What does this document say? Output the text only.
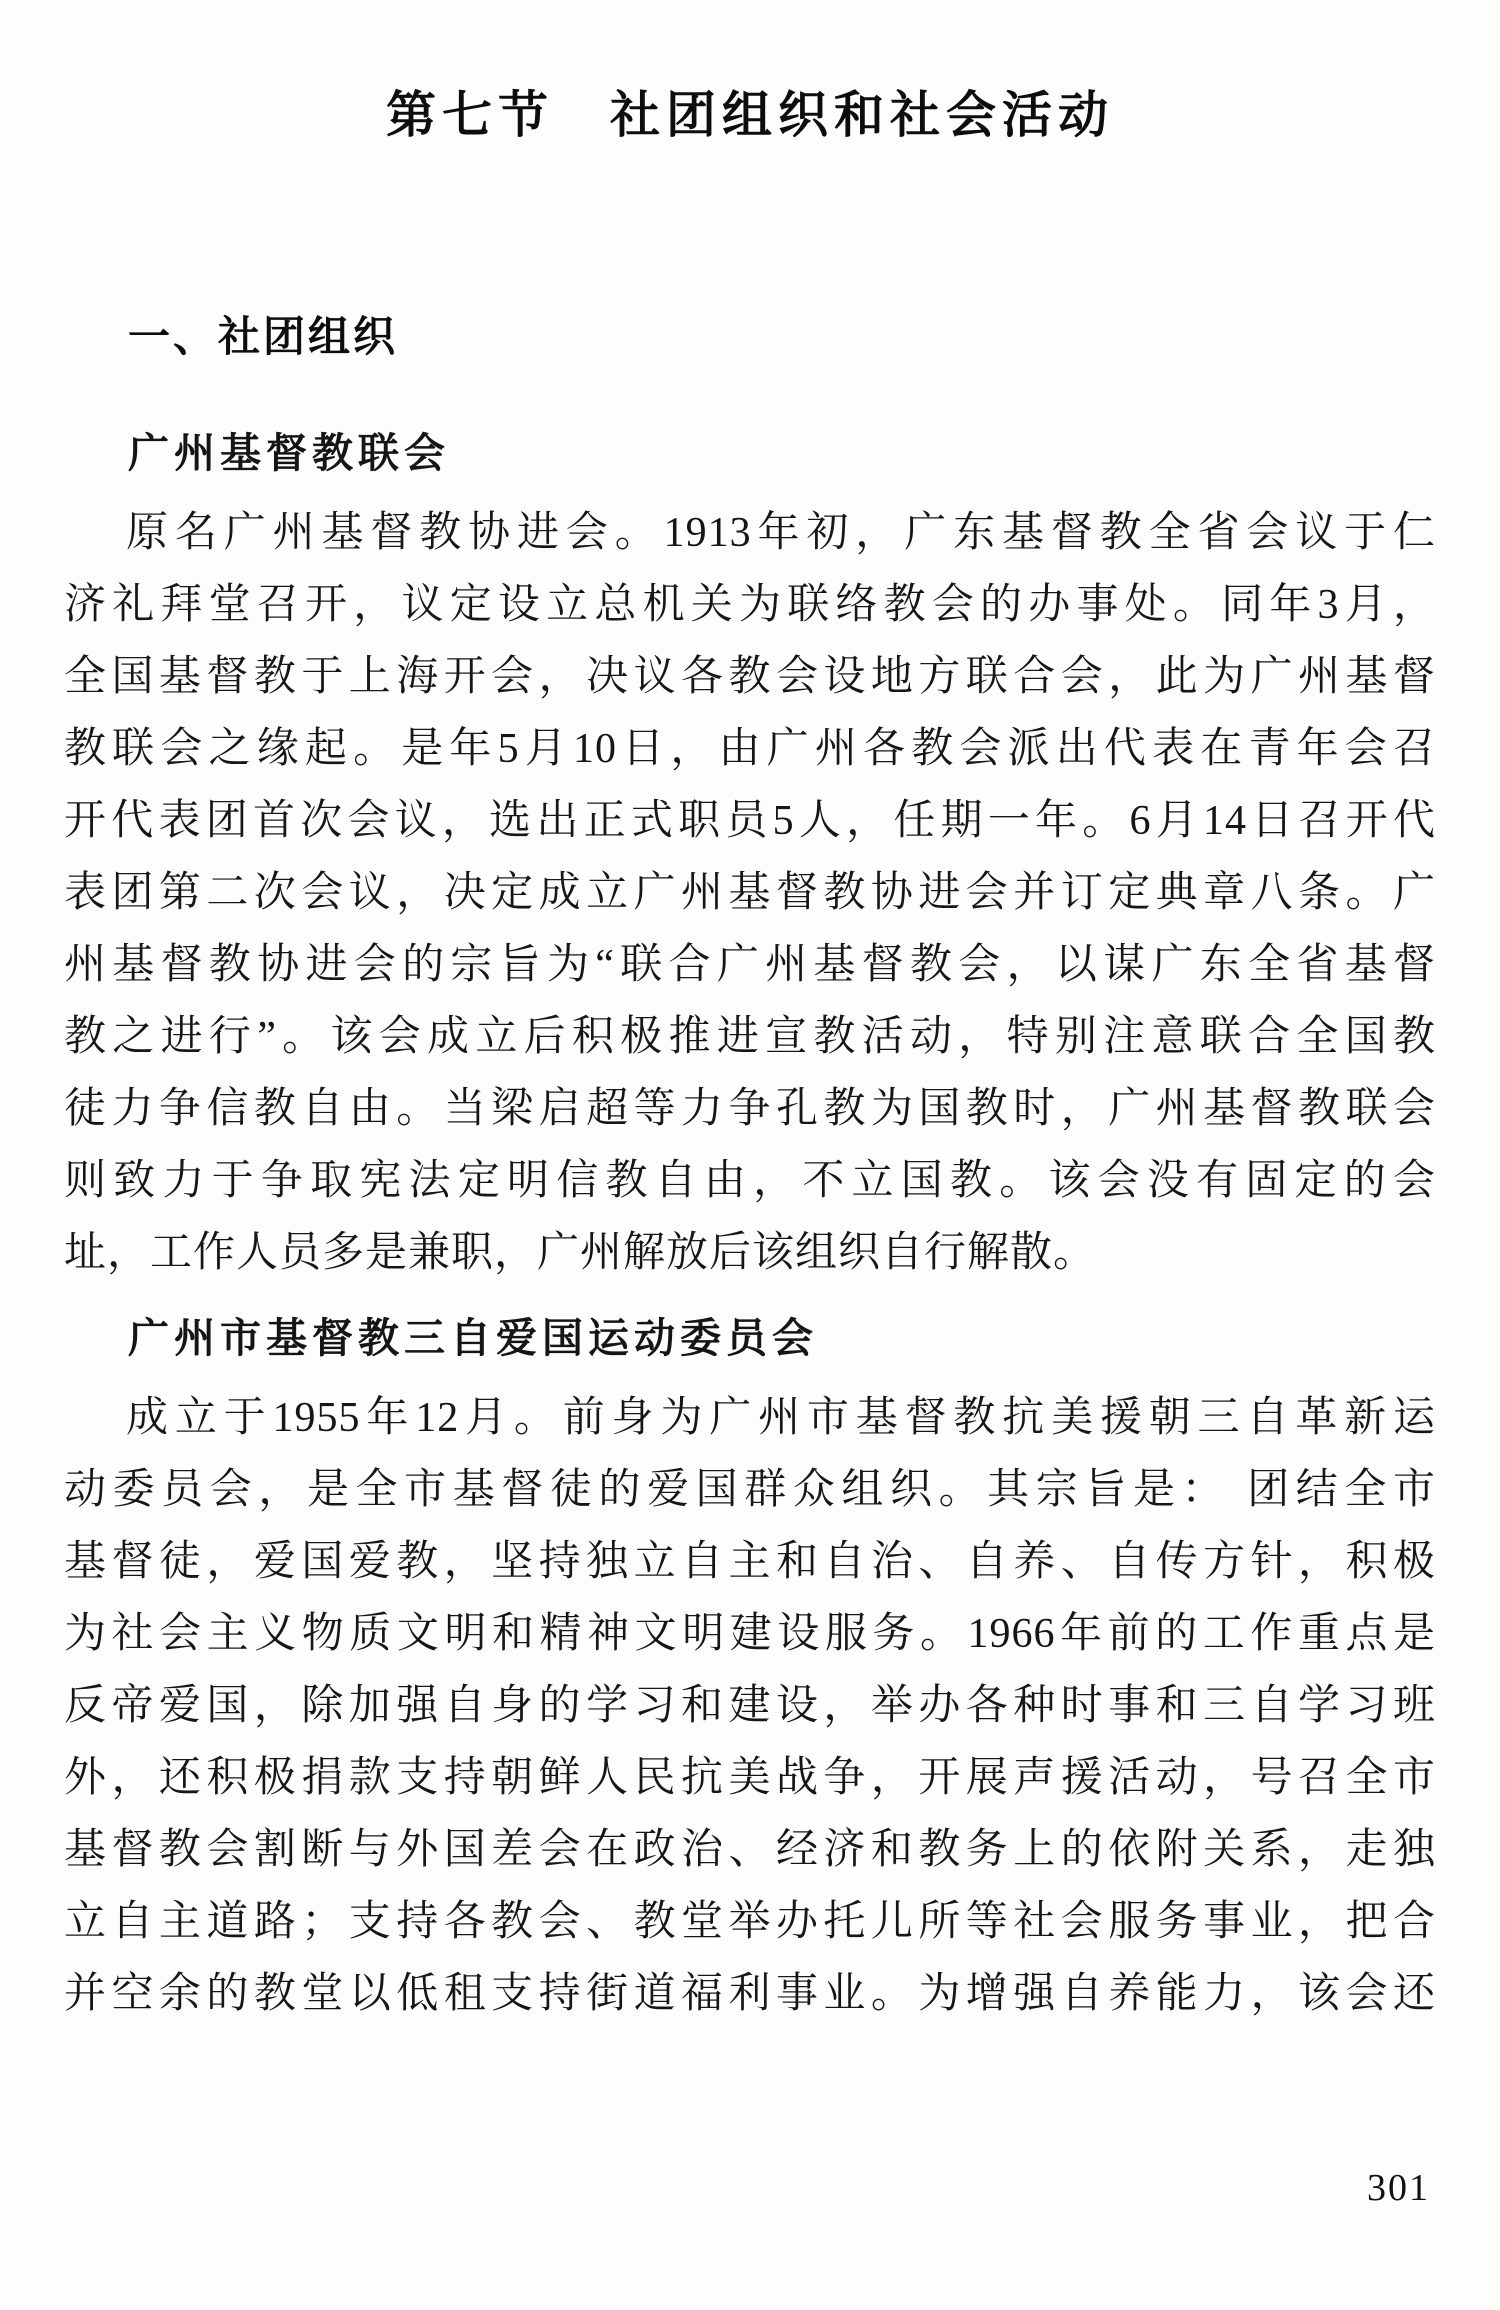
第七节　社团组织和社会活动
一、社团组织
广州基督教联会
原名广州基督教协进会。1913年初，广东基督教全省会议于仁
济礼拜堂召开，议定设立总机关为联络教会的办事处。同年3月，
全国基督教于上海开会，决议各教会设地方联合会，此为广州基督
教联会之缘起。是年5月10日，由广州各教会派出代表在青年会召
开代表团首次会议，选出正式职员5人，任期一年。6月14日召开代
表团第二次会议，决定成立广州基督教协进会并订定典章八条。广
州基督教协进会的宗旨为“联合广州基督教会，以谋广东全省基督
教之进行”。该会成立后积极推进宣教活动，特别注意联合全国教
徒力争信教自由。当梁启超等力争孔教为国教时，广州基督教联会
则致力于争取宪法定明信教自由，不立国教。该会没有固定的会
址，工作人员多是兼职，广州解放后该组织自行解散。
广州市基督教三自爱国运动委员会
成立于1955年12月。前身为广州市基督教抗美援朝三自革新运
动委员会，是全市基督徒的爱国群众组织。其宗旨是： 团结全市
基督徒，爱国爱教，坚持独立自主和自治、自养、自传方针，积极
为社会主义物质文明和精神文明建设服务。1966年前的工作重点是
反帝爱国，除加强自身的学习和建设，举办各种时事和三自学习班
外，还积极捐款支持朝鲜人民抗美战争，开展声援活动，号召全市
基督教会割断与外国差会在政治、经济和教务上的依附关系，走独
立自主道路；支持各教会、教堂举办托儿所等社会服务事业，把合
并空余的教堂以低租支持街道福利事业。为增强自养能力，该会还
301
